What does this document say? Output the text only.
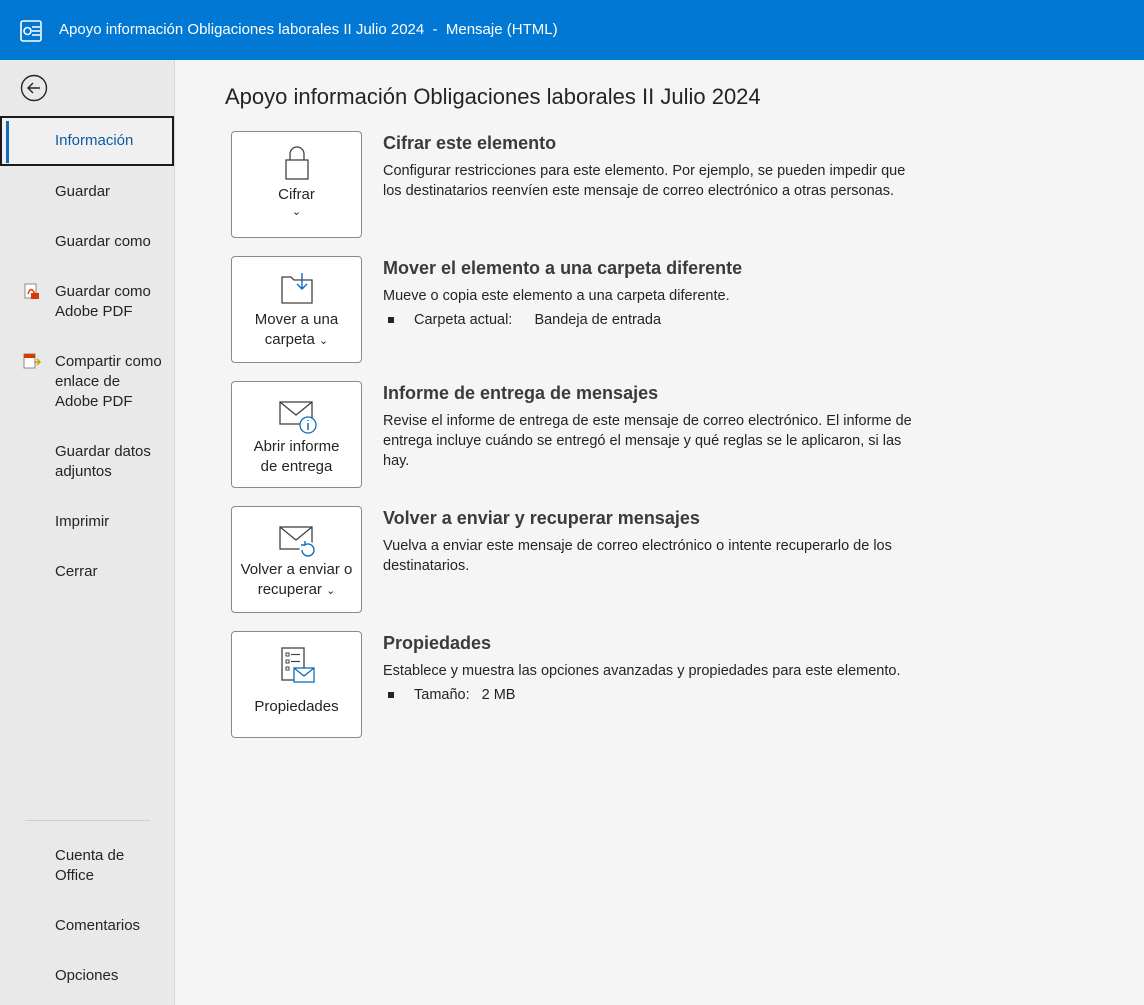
Apoyo información Obligaciones laborales II Julio 2024  -  Mensaje (HTML)
Información
Guardar
Guardar como
Guardar como Adobe PDF
Compartir como enlace de Adobe PDF
Guardar datos adjuntos
Imprimir
Cerrar
Cuenta de Office
Comentarios
Opciones
Apoyo información Obligaciones laborales II Julio 2024
Cifrar
⌄
Cifrar este elemento
Configurar restricciones para este elemento. Por ejemplo, se pueden impedir que los destinatarios reenvíen este mensaje de correo electrónico a otras personas.
Mover a una carpeta ⌄
Mover el elemento a una carpeta diferente
Mueve o copia este elemento a una carpeta diferente.
Carpeta actual: Bandeja de entrada
Abrir informe de entrega
Informe de entrega de mensajes
Revise el informe de entrega de este mensaje de correo electrónico. El informe de entrega incluye cuándo se entregó el mensaje y qué reglas se le aplicaron, si las hay.
Volver a enviar o recuperar ⌄
Volver a enviar y recuperar mensajes
Vuelva a enviar este mensaje de correo electrónico o intente recuperarlo de los destinatarios.
Propiedades
Propiedades
Establece y muestra las opciones avanzadas y propiedades para este elemento.
Tamaño: 2 MB
